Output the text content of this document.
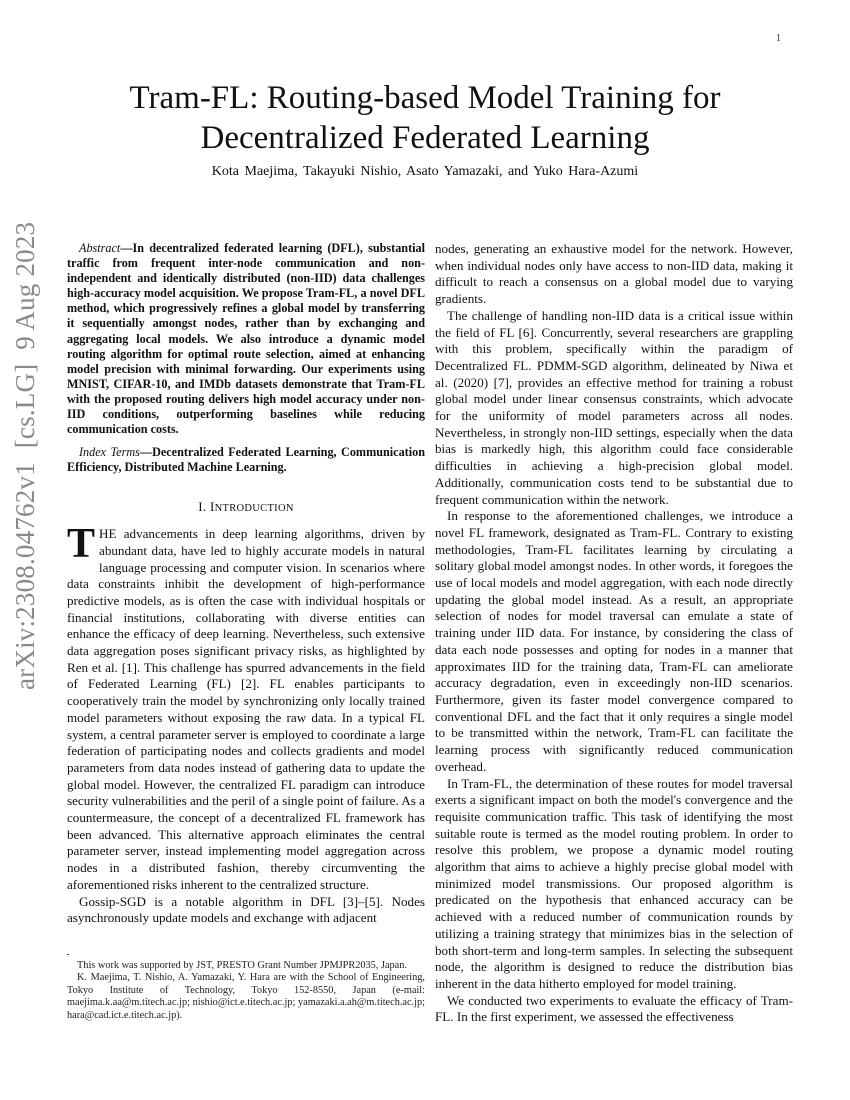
1
arXiv:2308.04762v1  [cs.LG]  9 Aug 2023
Tram-FL: Routing-based Model Training for
Decentralized Federated Learning
Kota Maejima, Takayuki Nishio, Asato Yamazaki, and Yuko Hara-Azumi

Abstract—In decentralized federated learning (DFL), substantial traffic from frequent inter-node communication and non-independent and identically distributed (non-IID) data challenges high-accuracy model acquisition. We propose Tram-FL, a novel DFL method, which progressively refines a global model by transferring it sequentially amongst nodes, rather than by exchanging and aggregating local models. We also introduce a dynamic model routing algorithm for optimal route selection, aimed at enhancing model precision with minimal forwarding. Our experiments using MNIST, CIFAR-10, and IMDb datasets demonstrate that Tram-FL with the proposed routing delivers high model accuracy under non-IID conditions, outperforming baselines while reducing communication costs.

Index Terms—Decentralized Federated Learning, Communication Efficiency, Distributed Machine Learning.

I. INTRODUCTION

THE advancements in deep learning algorithms, driven by abundant data, have led to highly accurate models in natural language processing and computer vision. In scenarios where data constraints inhibit the development of high-performance predictive models, as is often the case with individual hospitals or financial institutions, collaborating with diverse entities can enhance the efficacy of deep learning. Nevertheless, such extensive data aggregation poses significant privacy risks, as highlighted by Ren et al. [1]. This challenge has spurred advancements in the field of Federated Learning (FL) [2]. FL enables participants to cooperatively train the model by synchronizing only locally trained model parameters without exposing the raw data. In a typical FL system, a central parameter server is employed to coordinate a large federation of participating nodes and collects gradients and model parameters from data nodes instead of gathering data to update the global model. However, the centralized FL paradigm can introduce security vulnerabilities and the peril of a single point of failure. As a countermeasure, the concept of a decentralized FL framework has been advanced. This alternative approach eliminates the central parameter server, instead implementing model aggregation across nodes in a distributed fashion, thereby circumventing the aforementioned risks inherent to the centralized structure.

Gossip-SGD is a notable algorithm in DFL [3]–[5]. Nodes asynchronously update models and exchange with adjacent

This work was supported by JST, PRESTO Grant Number JPMJPR2035, Japan.

K. Maejima, T. Nishio, A. Yamazaki, Y. Hara are with the School of Engineering, Tokyo Institute of Technology, Tokyo 152-8550, Japan (e-mail: maejima.k.aa@m.titech.ac.jp; nishio@ict.e.titech.ac.jp; yamazaki.a.ah@m.titech.ac.jp; hara@cad.ict.e.titech.ac.jp).

nodes, generating an exhaustive model for the network. However, when individual nodes only have access to non-IID data, making it difficult to reach a consensus on a global model due to varying gradients.

The challenge of handling non-IID data is a critical issue within the field of FL [6]. Concurrently, several researchers are grappling with this problem, specifically within the paradigm of Decentralized FL. PDMM-SGD algorithm, delineated by Niwa et al. (2020) [7], provides an effective method for training a robust global model under linear consensus constraints, which advocate for the uniformity of model parameters across all nodes. Nevertheless, in strongly non-IID settings, especially when the data bias is markedly high, this algorithm could face considerable difficulties in achieving a high-precision global model. Additionally, communication costs tend to be substantial due to frequent communication within the network.

In response to the aforementioned challenges, we introduce a novel FL framework, designated as Tram-FL. Contrary to existing methodologies, Tram-FL facilitates learning by circulating a solitary global model amongst nodes. In other words, it foregoes the use of local models and model aggregation, with each node directly updating the global model instead. As a result, an appropriate selection of nodes for model traversal can emulate a state of training under IID data. For instance, by considering the class of data each node possesses and opting for nodes in a manner that approximates IID for the training data, Tram-FL can ameliorate accuracy degradation, even in exceedingly non-IID scenarios. Furthermore, given its faster model convergence compared to conventional DFL and the fact that it only requires a single model to be transmitted within the network, Tram-FL can facilitate the learning process with significantly reduced communication overhead.

In Tram-FL, the determination of these routes for model traversal exerts a significant impact on both the model's convergence and the requisite communication traffic. This task of identifying the most suitable route is termed as the model routing problem. In order to resolve this problem, we propose a dynamic model routing algorithm that aims to achieve a highly precise global model with minimized model transmissions. Our proposed algorithm is predicated on the hypothesis that enhanced accuracy can be achieved with a reduced number of communication rounds by utilizing a training strategy that minimizes bias in the selection of both short-term and long-term samples. In selecting the subsequent node, the algorithm is designed to reduce the distribution bias inherent in the data hitherto employed for model training.

We conducted two experiments to evaluate the efficacy of Tram-FL. In the first experiment, we assessed the effectiveness
